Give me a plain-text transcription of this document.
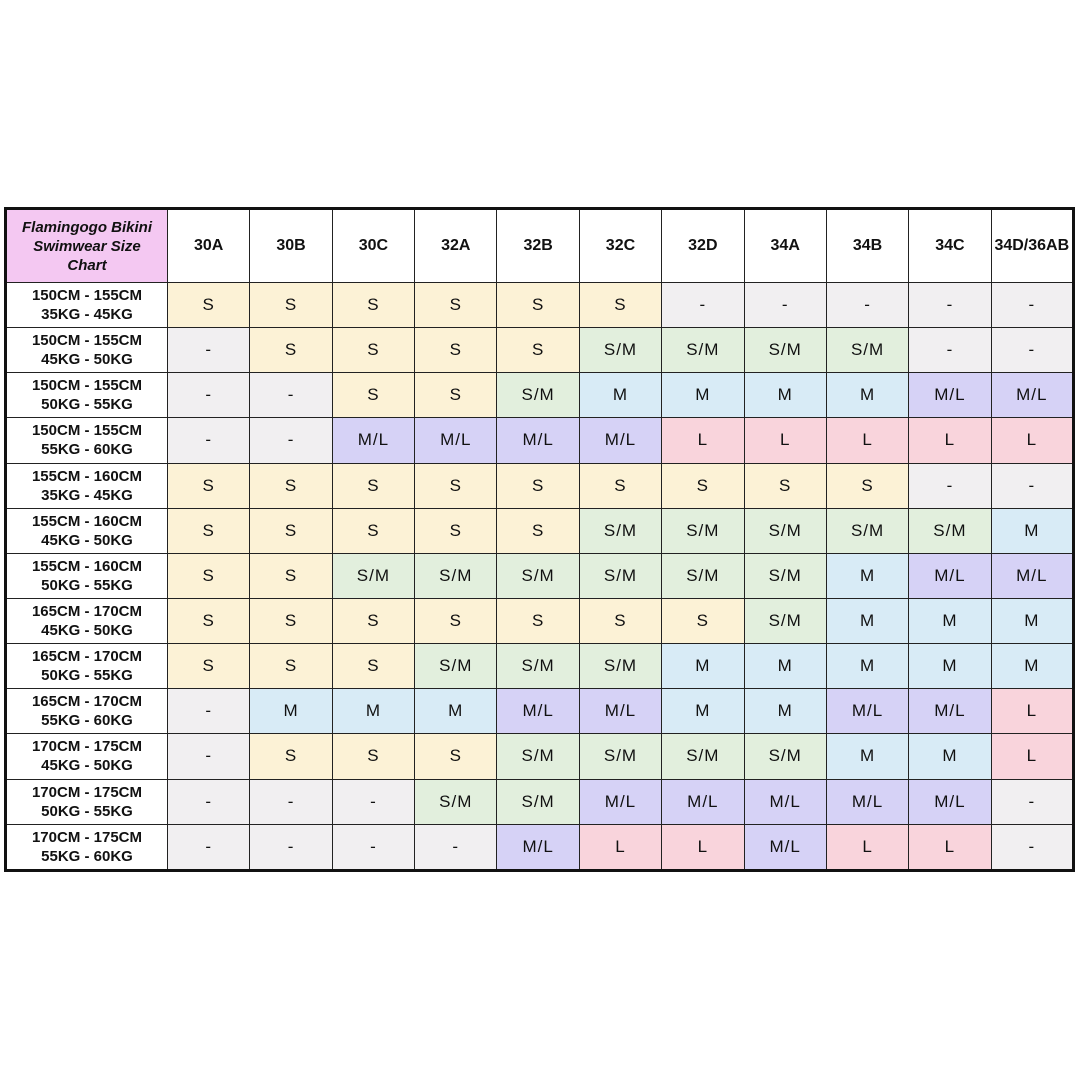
Flamingogo Bikini
Swimwear Size
Chart	30A	30B	30C	32A	32B	32C	32D	34A	34B	34C	34D/36AB

150CM - 155CM
35KG - 45KG	S	S	S	S	S	S	-	-	-	-	-

150CM - 155CM
45KG - 50KG	-	S	S	S	S	S/M	S/M	S/M	S/M	-	-

150CM - 155CM
50KG - 55KG	-	-	S	S	S/M	M	M	M	M	M/L	M/L

150CM - 155CM
55KG - 60KG	-	-	M/L	M/L	M/L	M/L	L	L	L	L	L

155CM - 160CM
35KG - 45KG	S	S	S	S	S	S	S	S	S	-	-

155CM - 160CM
45KG - 50KG	S	S	S	S	S	S/M	S/M	S/M	S/M	S/M	M

155CM - 160CM
50KG - 55KG	S	S	S/M	S/M	S/M	S/M	S/M	S/M	M	M/L	M/L

165CM - 170CM
45KG - 50KG	S	S	S	S	S	S	S	S/M	M	M	M

165CM - 170CM
50KG - 55KG	S	S	S	S/M	S/M	S/M	M	M	M	M	M

165CM - 170CM
55KG - 60KG	-	M	M	M	M/L	M/L	M	M	M/L	M/L	L

170CM - 175CM
45KG - 50KG	-	S	S	S	S/M	S/M	S/M	S/M	M	M	L

170CM - 175CM
50KG - 55KG	-	-	-	S/M	S/M	M/L	M/L	M/L	M/L	M/L	-

170CM - 175CM
55KG - 60KG	-	-	-	-	M/L	L	L	M/L	L	L	-
